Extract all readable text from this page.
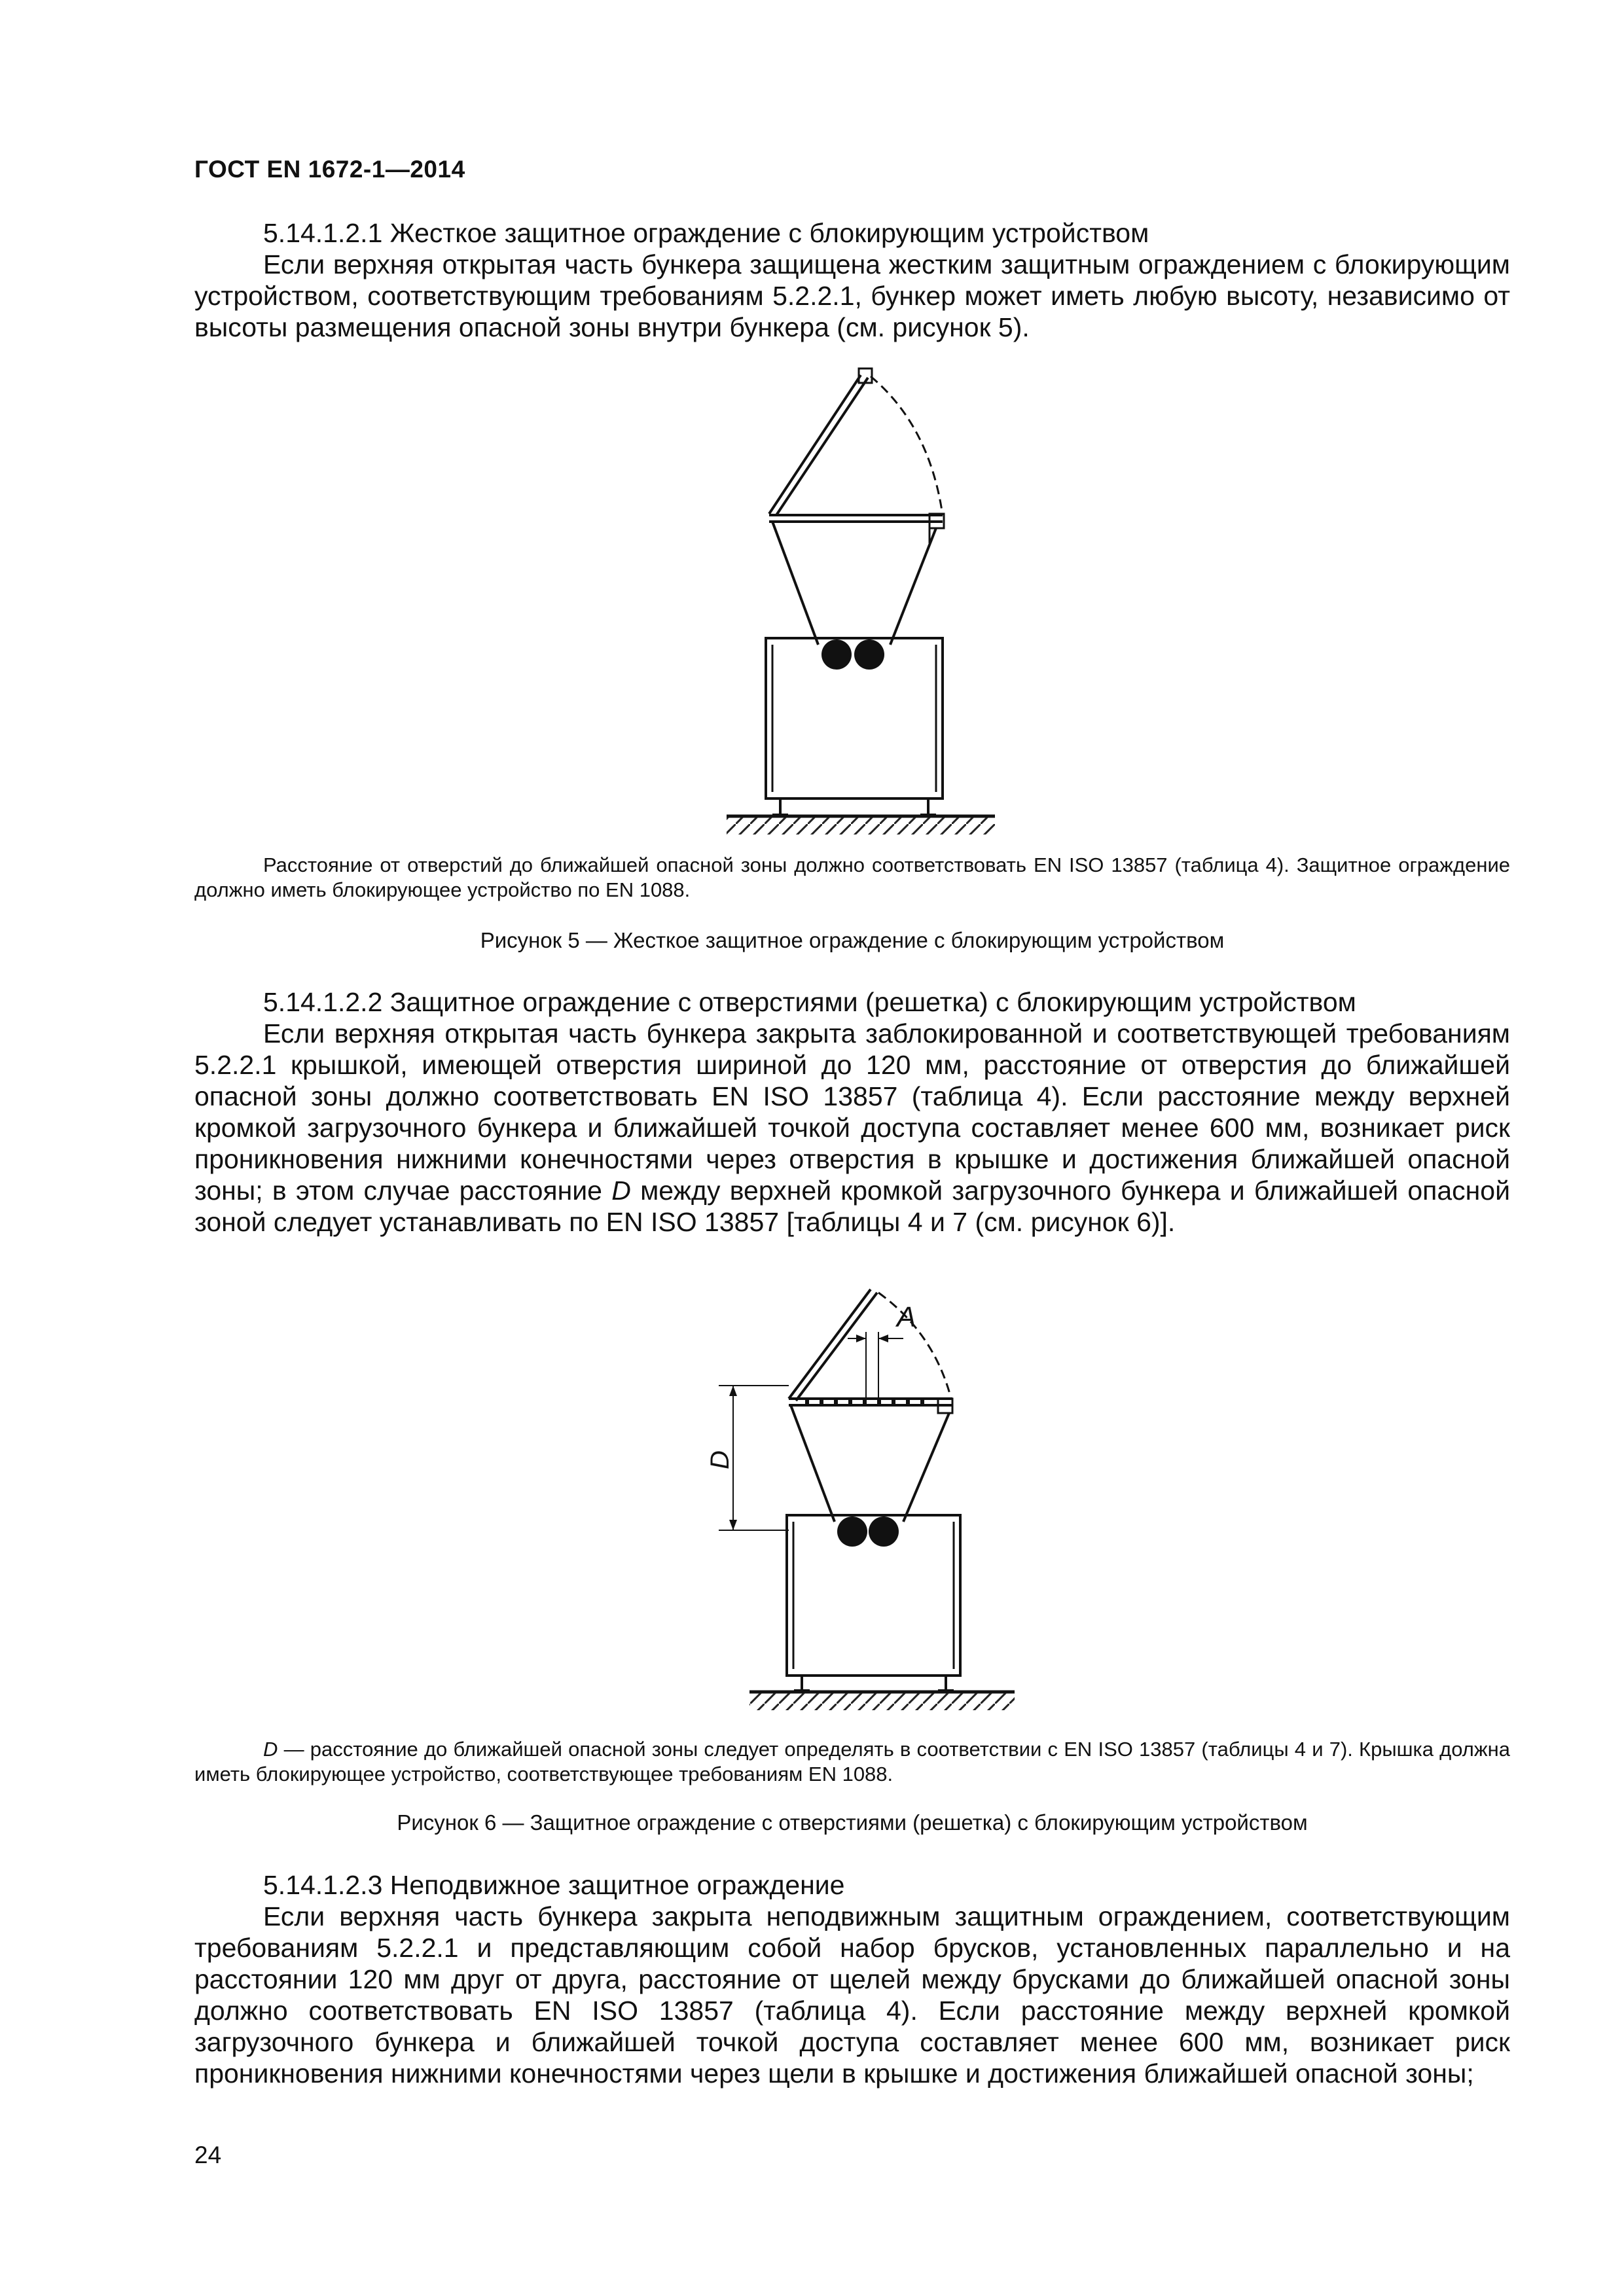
ГОСТ EN 1672-1—2014

5.14.1.2.1 Жесткое защитное ограждение с блокирующим устройством
Если верхняя открытая часть бункера защищена жестким защитным ограждением с блокирующим устройством, соответствующим требованиям 5.2.2.1, бункер может иметь любую высоту, независимо от высоты размещения опасной зоны внутри бункера (см. рисунок 5).

Расстояние от отверстий до ближайшей опасной зоны должно соответствовать EN ISO 13857 (таблица 4). Защитное ограждение должно иметь блокирующее устройство по EN 1088.

Рисунок 5 — Жесткое защитное ограждение с блокирующим устройством

5.14.1.2.2 Защитное ограждение с отверстиями (решетка) с блокирующим устройством
Если верхняя открытая часть бункера закрыта заблокированной и соответствующей требованиям 5.2.2.1 крышкой, имеющей отверстия шириной до 120 мм, расстояние от отверстия до ближайшей опасной зоны должно соответствовать EN ISO 13857 (таблица 4). Если расстояние между верхней кромкой загрузочного бункера и ближайшей точкой доступа составляет менее 600 мм, возникает риск проникновения нижними конечностями через отверстия в крышке и достижения ближайшей опасной зоны; в этом случае расстояние D между верхней кромкой загрузочного бункера и ближайшей опасной зоной следует устанавливать по EN ISO 13857 [таблицы 4 и 7 (см. рисунок 6)].

A
D

D — расстояние до ближайшей опасной зоны следует определять в соответствии с EN ISO 13857 (таблицы 4 и 7). Крышка должна иметь блокирующее устройство, соответствующее требованиям EN 1088.

Рисунок 6 — Защитное ограждение с отверстиями (решетка) с блокирующим устройством

5.14.1.2.3 Неподвижное защитное ограждение
Если верхняя часть бункера закрыта неподвижным защитным ограждением, соответствующим требованиям 5.2.2.1 и представляющим собой набор брусков, установленных параллельно и на расстоянии 120 мм друг от друга, расстояние от щелей между брусками до ближайшей опасной зоны должно соответствовать EN ISO 13857 (таблица 4). Если расстояние между верхней кромкой загрузочного бункера и ближайшей точкой доступа составляет менее 600 мм, возникает риск проникновения нижними конечностями через щели в крышке и достижения ближайшей опасной зоны;

24
